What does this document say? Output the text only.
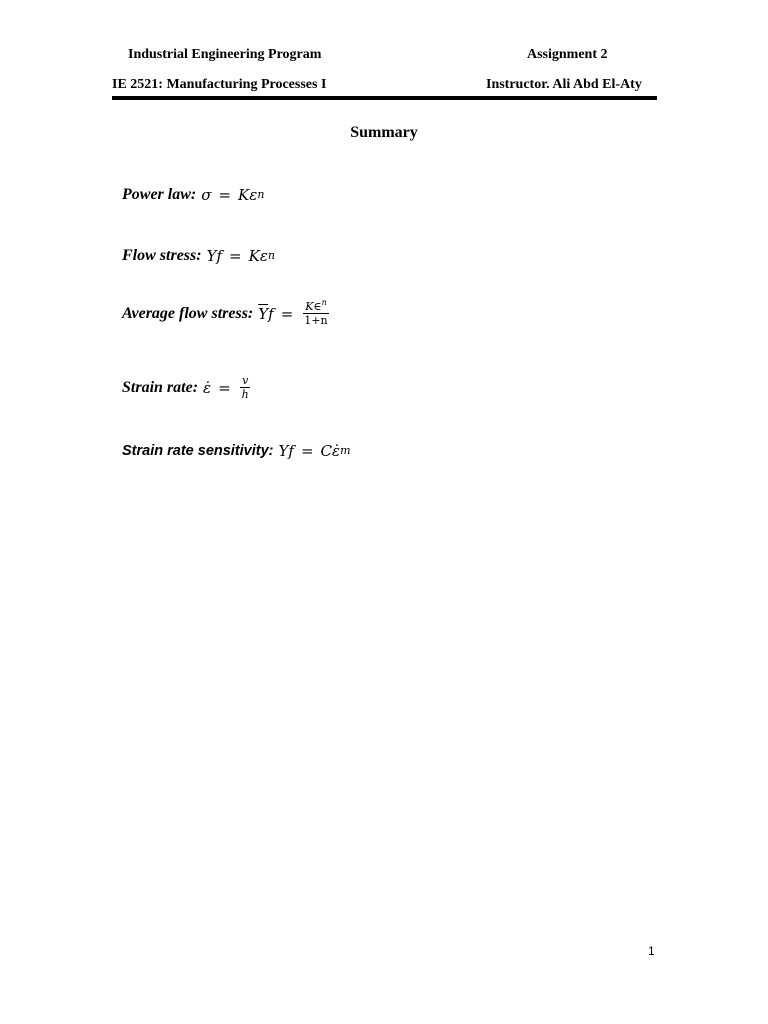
Industrial Engineering Program	Assignment 2
IE 2521: Manufacturing Processes I	Instructor. Ali Abd El-Aty
Summary
Power law: σ = Kε n
Flow stress: Y f = Kε n
Average flow stress: $\overline{Y}$ $f = \frac{K\in^n}{1+n}$
Strain rate: ε̇ = $\frac{v}{h}$
Strain rate sensitivity: Y f = Cε̇ m
1
